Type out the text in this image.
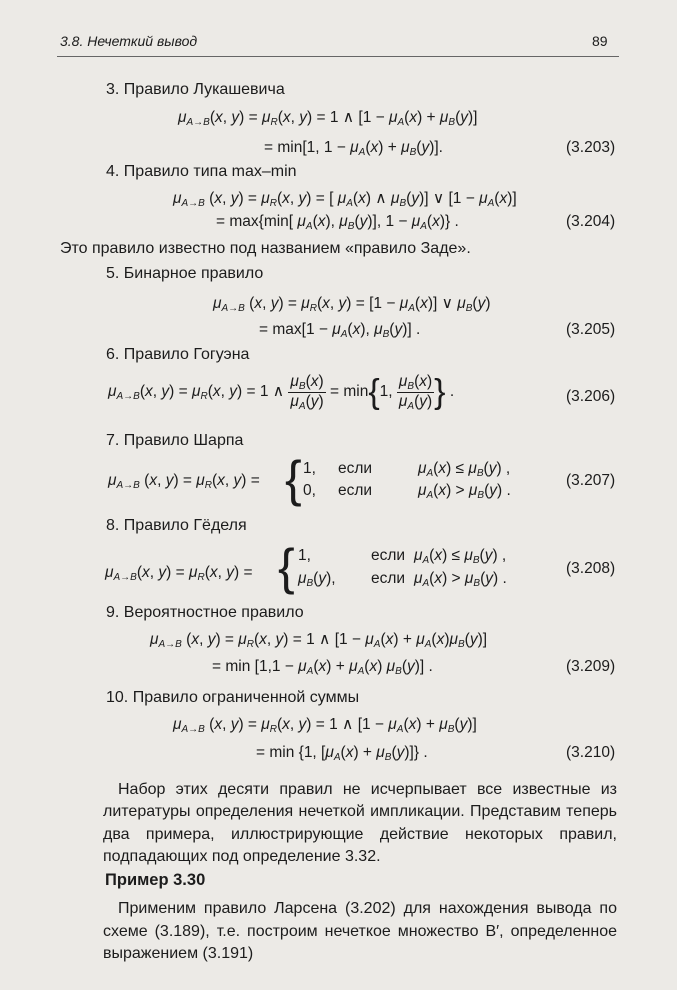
3.8. Нечеткий вывод	89
3. Правило Лукашевича
$\mu_{A\to B}(x$, $y) = \mu_R(x$, y) = 1 ∧ $[1 - \mu_A(x) + \mu_B(y)]$
= min[1, $1 - \mu_A(x) + \mu_B(y)$].	(3.203)
4. Правило типа max–min
$\mu_{A\to B}$ (x, $y) = \mu_R(x$, y) = [ $\mu_A(x)$ ∧ $\mu_B(y)$] ∨ $[1 - \mu_A(x)]$
= max{min[ $\mu_A(x)$, $\mu_B(y)$], $1 - \mu_A(x)$} .	(3.204)
Это правило известно под названием «правило Заде».
5. Бинарное правило
$\mu_{A\to B}$ (x, $y) = \mu_R(x$, $y) = [1 - \mu_A(x)]$ ∨ $\mu_B(y)$
= $\max[1 - \mu_A(x)$, $\mu_B(y)$] .	(3.205)
6. Правило Гогуэна
$\mu_{A\to B}(x$, $y) = \mu_R(x$, y) = 1 ∧ $\frac{\mu_B(x)}{\mu_A(y)} = \min\{1$, $\frac{\mu_B(x)}{\mu_A(y)}$ } .	(3.206)
7. Правило Шарпа
$\mu_{A\to B}$ (x, $y) = \mu_R(x$, y) = { 1, если	$\mu_A(x) \le \mu_B(y)$ ,
0, если	$\mu_A(x) > \mu_B(y)$ .
(3.207)
8. Правило Гёделя
$\mu_{A\to B}(x$, $y) = \mu_R(x$, y) = { 1,	если $\mu_A(x) \le \mu_B(y)$ ,
$\mu_B(y)$, если $\mu_A(x) > \mu_B(y)$ .
(3.208)
9. Вероятностное правило
$\mu_{A\to B}$ (x, $y) = \mu_R(x$, y) = 1 ∧ $[1 - \mu_A(x) + \mu_A(x)\mu_B(y)]$
= $\min [1,1 - \mu_A(x) + \mu_A(x)$ $\mu_B(y)$] .	(3.209)
10. Правило ограниченной суммы
$\mu_{A\to B}$ (x, $y) = \mu_R(x$, y) = 1 ∧ $[1 - \mu_A(x) + \mu_B(y)]$
= min {1, $[\mu_A(x) + \mu_B(y)]$} .	(3.210)
Набор этих десяти правил не исчерпывает все известные из литературы определения нечеткой импликации. Представим теперь два примера, иллюстрирующие действие некоторых правил, подпадающих под определение 3.32.
Пример 3.30
Применим правило Ларсена (3.202) для нахождения вывода по схеме (3.189), т.е. построим нечеткое множество B′, определенное выражением (3.191)
